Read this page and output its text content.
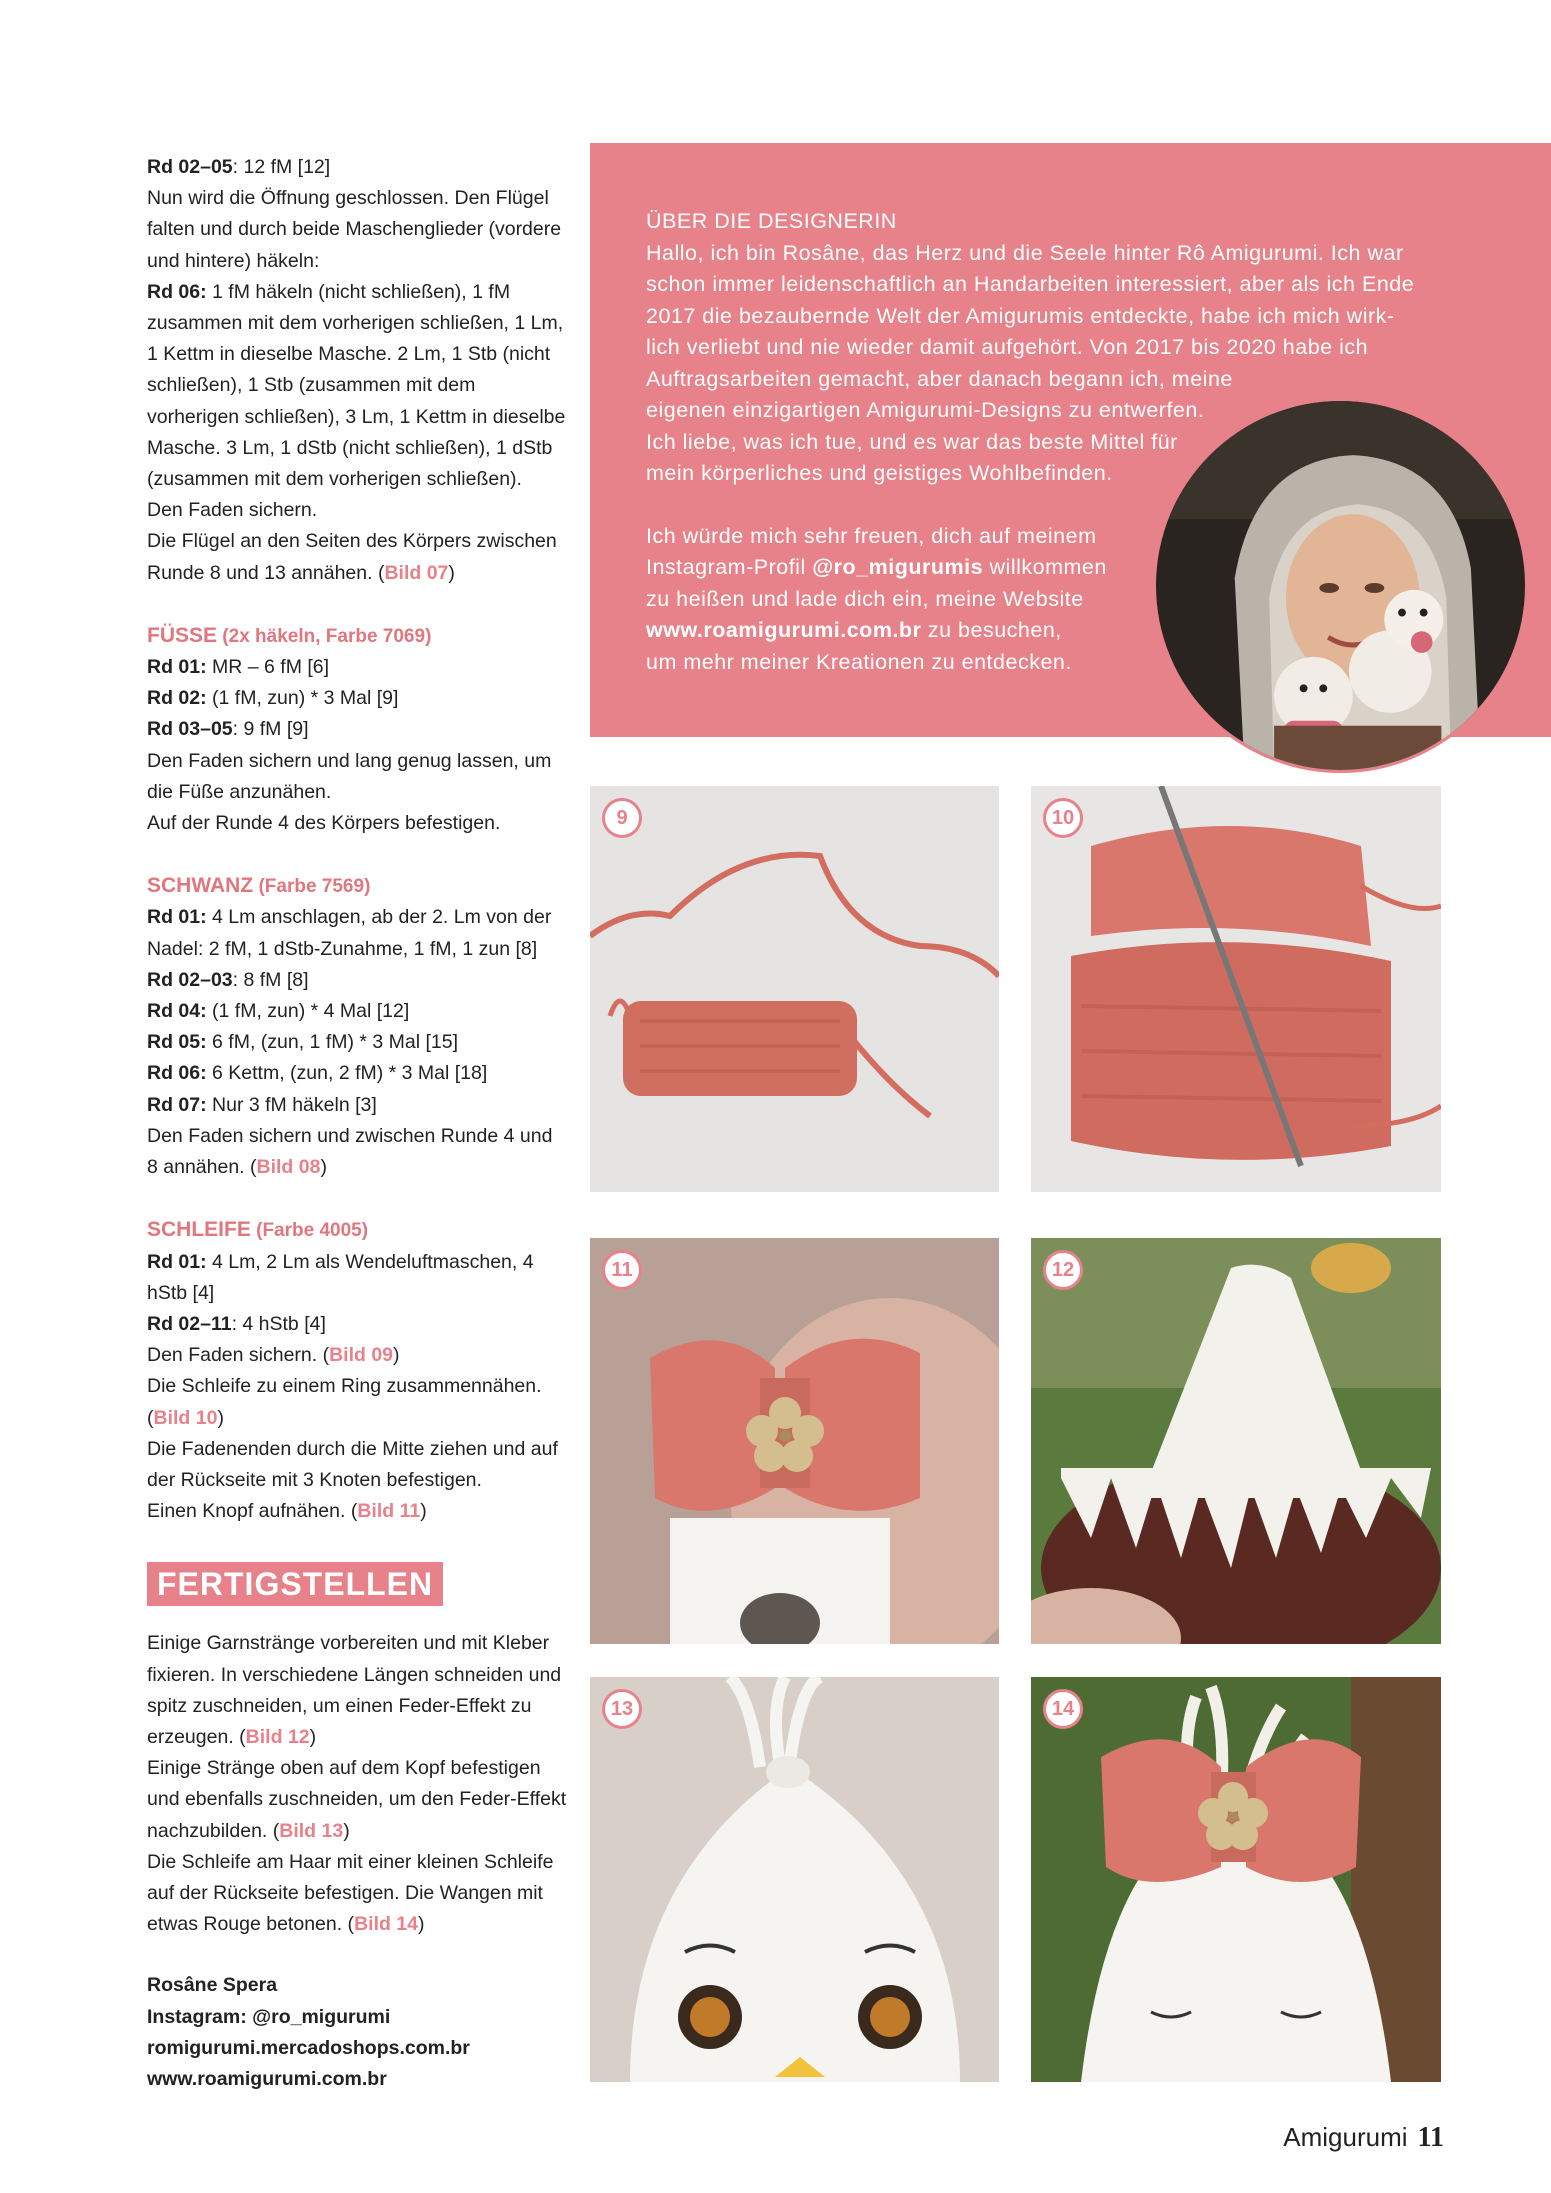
Rd 02–05: 12 fM [12]

Nun wird die Öffnung geschlossen. Den Flügel falten und durch beide Maschenglieder (vordere und hintere) häkeln:

Rd 06: 1 fM häkeln (nicht schließen), 1 fM zusammen mit dem vorherigen schließen, 1 Lm, 1 Kettm in dieselbe Masche. 2 Lm, 1 Stb (nicht schließen), 1 Stb (zusammen mit dem vorherigen schließen), 3 Lm, 1 Kettm in dieselbe Masche. 3 Lm, 1 dStb (nicht schließen), 1 dStb (zusammen mit dem vorherigen schließen).

Den Faden sichern.

Die Flügel an den Seiten des Körpers zwischen Runde 8 und 13 annähen. (Bild 07)

FÜSSE (2x häkeln, Farbe 7069)

Rd 01: MR – 6 fM [6]

Rd 02: (1 fM, zun) * 3 Mal [9]

Rd 03–05: 9 fM [9]

Den Faden sichern und lang genug lassen, um die Füße anzunähen.

Auf der Runde 4 des Körpers befestigen.

SCHWANZ (Farbe 7569)

Rd 01: 4 Lm anschlagen, ab der 2. Lm von der Nadel: 2 fM, 1 dStb-Zunahme, 1 fM, 1 zun [8]

Rd 02–03: 8 fM [8]

Rd 04: (1 fM, zun) * 4 Mal [12]

Rd 05: 6 fM, (zun, 1 fM) * 3 Mal [15]

Rd 06: 6 Kettm, (zun, 2 fM) * 3 Mal [18]

Rd 07: Nur 3 fM häkeln [3]

Den Faden sichern und zwischen Runde 4 und 8 annähen. (Bild 08)

SCHLEIFE (Farbe 4005)

Rd 01: 4 Lm, 2 Lm als Wendeluftmaschen, 4 hStb [4]

Rd 02–11: 4 hStb [4]

Den Faden sichern. (Bild 09)

Die Schleife zu einem Ring zusammennähen. (Bild 10)

Die Fadenenden durch die Mitte ziehen und auf der Rückseite mit 3 Knoten befestigen.

Einen Knopf aufnähen. (Bild 11)

FERTIGSTELLEN

Einige Garnstränge vorbereiten und mit Kleber fixieren. In verschiedene Längen schneiden und spitz zuschneiden, um einen Feder-Effekt zu erzeugen. (Bild 12)

Einige Stränge oben auf dem Kopf befestigen und ebenfalls zuschneiden, um den Feder-Effekt nachzubilden. (Bild 13)

Die Schleife am Haar mit einer kleinen Schleife auf der Rückseite befestigen. Die Wangen mit etwas Rouge betonen. (Bild 14)

Rosâne Spera

Instagram: @ro_migurumi

romigurumi.mercadoshops.com.br

www.roamigurumi.com.br

ÜBER DIE DESIGNERIN

Hallo, ich bin Rosâne, das Herz und die Seele hinter Rô Amigurumi. Ich war

schon immer leidenschaftlich an Handarbeiten interessiert, aber als ich Ende

2017 die bezaubernde Welt der Amigurumis entdeckte, habe ich mich wirk-

lich verliebt und nie wieder damit aufgehört. Von 2017 bis 2020 habe ich

Auftragsarbeiten gemacht, aber danach begann ich, meine

eigenen einzigartigen Amigurumi-Designs zu entwerfen.

Ich liebe, was ich tue, und es war das beste Mittel für

mein körperliches und geistiges Wohlbefinden.

Ich würde mich sehr freuen, dich auf meinem

Instagram-Profil @ro_migurumis willkommen

zu heißen und lade dich ein, meine Website

www.roamigurumi.com.br zu besuchen,

um mehr meiner Kreationen zu entdecken.

9	10
11	12
13	14
Amigurumi 11
